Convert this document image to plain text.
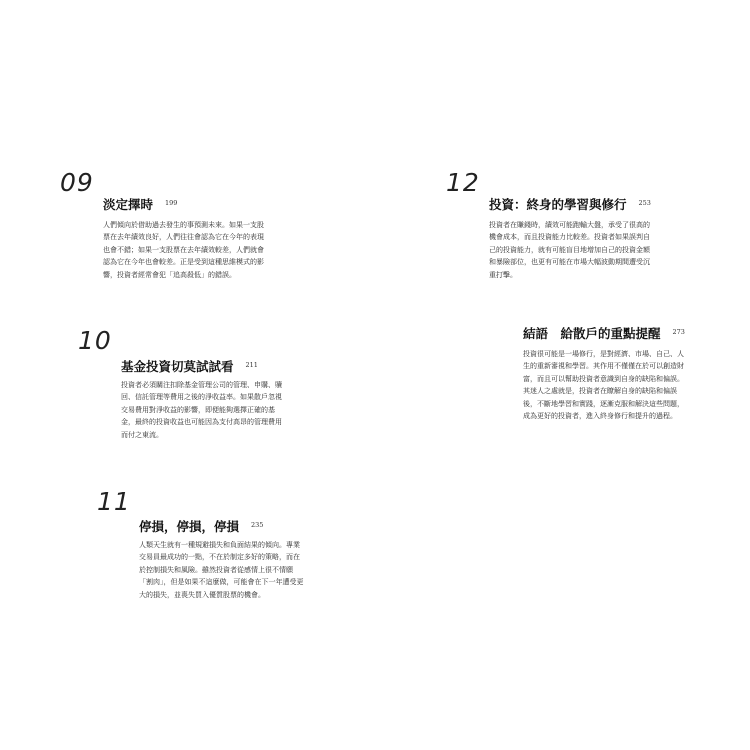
09
淡定擇時 $^{199}$
人們傾向於借助過去發生的事預測未來。如果一支股
票在去年績效良好，人們往往會認為它在今年的表現
也會不錯；如果一支股票在去年績效較差，人們就會
認為它在今年也會較差。正是受到這種思維模式的影
響，投資者經常會犯「追高殺低」的錯誤。
10
基金投資切莫試試看 $^{211}$
投資者必須關注扣除基金管理公司的管理、申購、贖
回、信託管理等費用之後的淨收益率。如果散戶忽視
交易費用對淨收益的影響，即便能夠選擇正確的基
金，最終的投資收益也可能因為支付高昂的管理費用
而付之東流。
11
停損，停損，停損 $^{235}$
人類天生就有一種規避損失和負面結果的傾向。專業
交易員最成功的一點，不在於制定多好的策略，而在
於控制損失和風險。雖然投資者從感情上很不情願
「割肉」，但是如果不這麼做，可能會在下一年遭受更
大的損失，並喪失買入優質股票的機會。
12
投資：終身的學習與修行 $^{253}$
投資者在賺錢時，績效可能跑輸大盤，承受了很高的
機會成本，而且投資能力比較差。投資者如果誤判自
己的投資能力，就有可能盲目地增加自己的投資金額
和暴險部位，也更有可能在市場大幅波動期間遭受沉
重打擊。
結語　給散戶的重點提醒 $^{273}$
投資很可能是一場修行，是對經濟、市場、自己、人
生的重新審視和學習。其作用不僅僅在於可以創造財
富，而且可以幫助投資者意識到自身的缺陷和偏誤。
其迷人之處就是，投資者在瞭解自身的缺陷和偏誤
後，不斷地學習和實踐，逐漸克服和解決這些問題，
成為更好的投資者，進入終身修行和提升的過程。
